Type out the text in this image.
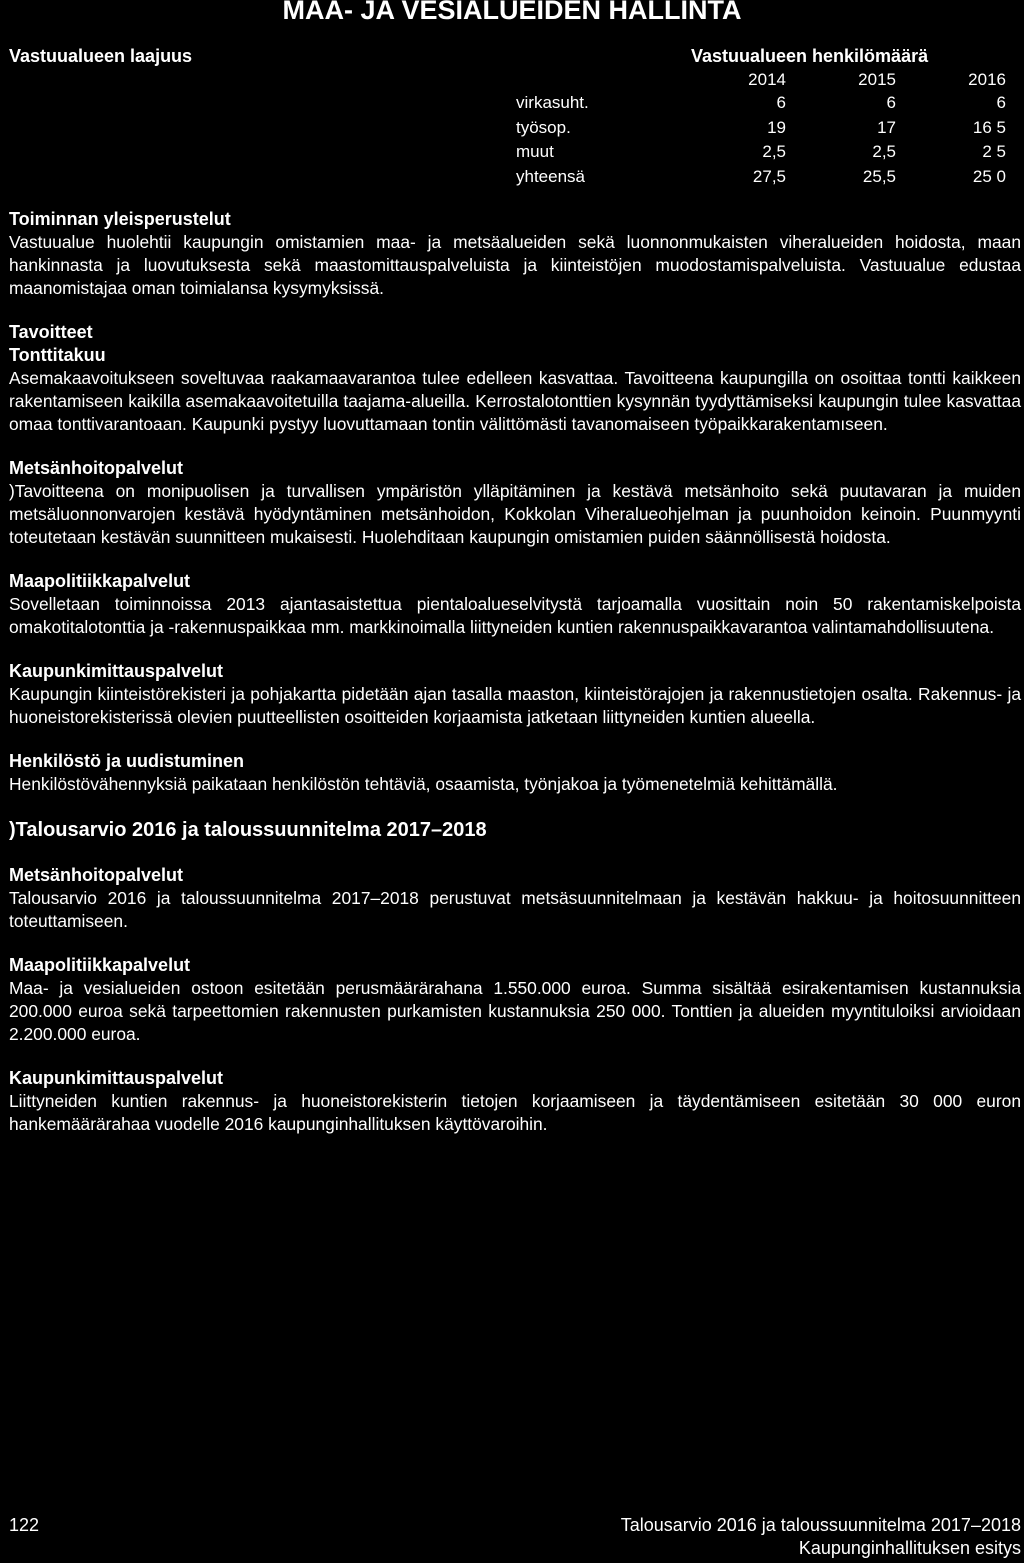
MAA- JA VESIALUEIDEN HALLINTA
Vastuualueen laajuus	Vastuualueen henkilömäärä
	2014	2015	2016
virkasuht.	6	6	6
työsop.	19	17	16 5
muut	2,5	2,5	2 5
yhteensä	27,5	25,5	25 0
Toiminnan yleisperustelut

Vastuualue huolehtii kaupungin omistamien maa- ja metsäalueiden sekä luonnonmukaisten viheralueiden hoidosta, maan hankinnasta ja luovutuksesta sekä maastomittauspalveluista ja kiinteistöjen muodostamispalveluista. Vastuualue edustaa maanomistajaa oman toimialansa kysymyksissä.

Tavoitteet
Tonttitakuu

Asemakaavoitukseen soveltuvaa raakamaavarantoa tulee edelleen kasvattaa. Tavoitteena kaupungilla on osoittaa tontti kaikkeen rakentamiseen kaikilla asemakaavoitetuilla taajama-alueilla. Kerrostalotonttien kysynnän tyydyttämiseksi kaupungin tulee kasvattaa omaa tonttivarantoaan. Kaupunki pystyy luovuttamaan tontin välittömästi tavanomaiseen työpaikkarakentamıseen.

Metsänhoitopalvelut

)Tavoitteena on monipuolisen ja turvallisen ympäristön ylläpitäminen ja kestävä metsänhoito sekä puutavaran ja muiden metsäluonnonvarojen kestävä hyödyntäminen metsänhoidon, Kokkolan Viheralueohjelman ja puunhoidon keinoin. Puunmyynti toteutetaan kestävän suunnitteen mukaisesti. Huolehditaan kaupungin omistamien puiden säännöllisestä hoidosta.

Maapolitiikkapalvelut

Sovelletaan toiminnoissa 2013 ajantasaistettua pientaloalueselvitystä tarjoamalla vuosittain noin 50 rakentamiskelpoista omakotitalotonttia ja -rakennuspaikkaa mm. markkinoimalla liittyneiden kuntien rakennuspaikkavarantoa valintamahdollisuutena.

Kaupunkimittauspalvelut

Kaupungin kiinteistörekisteri ja pohjakartta pidetään ajan tasalla maaston, kiinteistörajojen ja rakennustietojen osalta. Rakennus- ja huoneistorekisterissä olevien puutteellisten osoitteiden korjaamista jatketaan liittyneiden kuntien alueella.

Henkilöstö ja uudistuminen

Henkilöstövähennyksiä paikataan henkilöstön tehtäviä, osaamista, työnjakoa ja työmenetelmiä kehittämällä.

)Talousarvio 2016 ja taloussuunnitelma 2017–2018
Metsänhoitopalvelut

Talousarvio 2016 ja taloussuunnitelma 2017–2018 perustuvat metsäsuunnitelmaan ja kestävän hakkuu- ja hoitosuunnitteen toteuttamiseen.

Maapolitiikkapalvelut

Maa- ja vesialueiden ostoon esitetään perusmäärärahana 1.550.000 euroa. Summa sisältää esirakentamisen kustannuksia 200.000 euroa sekä tarpeettomien rakennusten purkamisten kustannuksia 250 000. Tonttien ja alueiden myyntituloiksi arvioidaan 2.200.000 euroa.

Kaupunkimittauspalvelut

Liittyneiden kuntien rakennus- ja huoneistorekisterin tietojen korjaamiseen ja täydentämiseen esitetään 30 000 euron hankemäärärahaa vuodelle 2016 kaupunginhallituksen käyttövaroihin.

122	Talousarvio 2016 ja taloussuunnitelma 2017–2018
Kaupunginhallituksen esitys
